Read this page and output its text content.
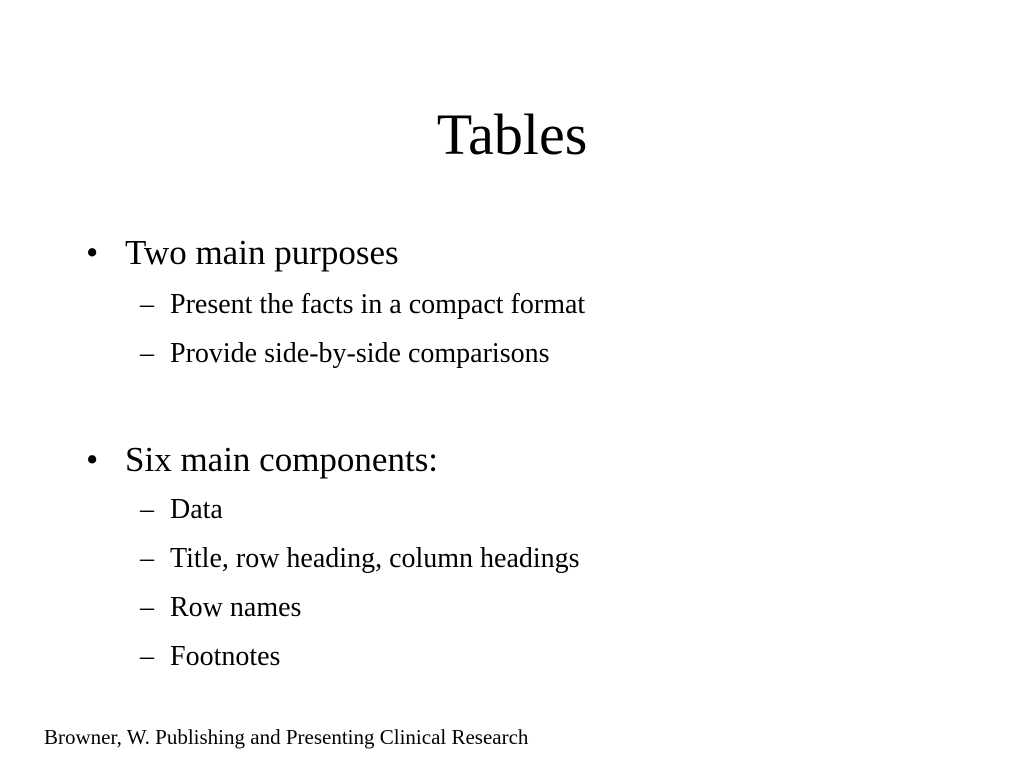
Tables
• Two main purposes
– Present the facts in a compact format
– Provide side-by-side comparisons
• Six main components:
– Data
– Title, row heading, column headings
– Row names
– Footnotes
Browner, W. Publishing and Presenting Clinical Research
